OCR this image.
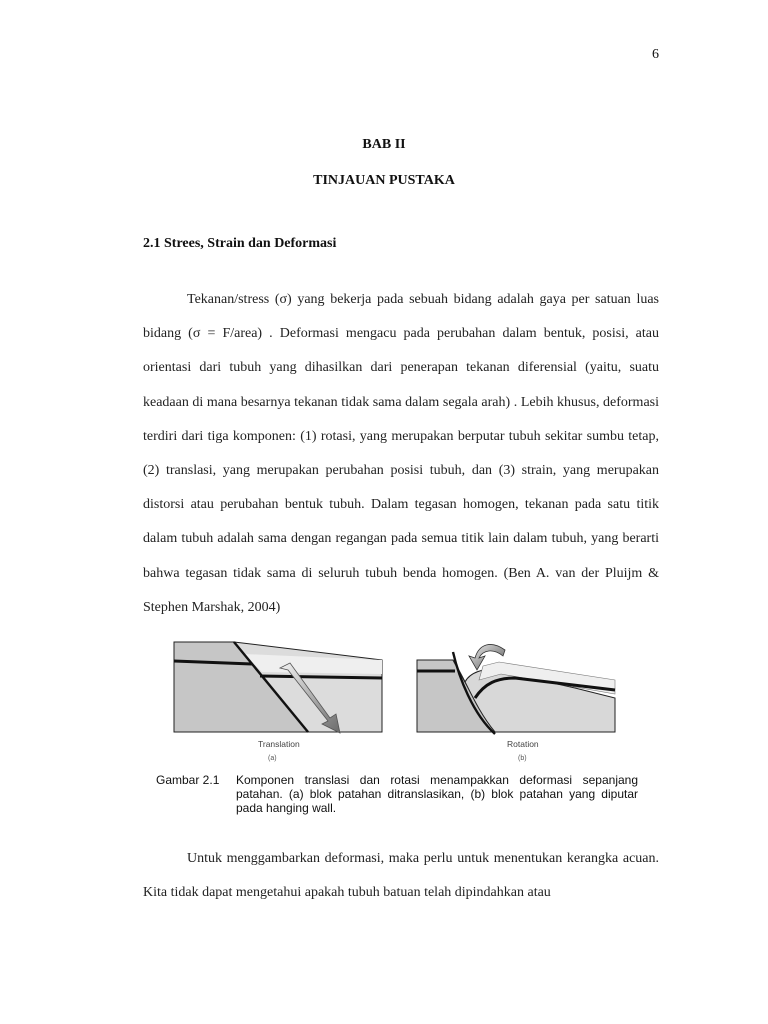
6
BAB II
TINJAUAN PUSTAKA
2.1 Strees, Strain dan Deformasi

Tekanan/stress (σ) yang bekerja pada sebuah bidang adalah gaya per satuan luas bidang (σ = F/area) . Deformasi mengacu pada perubahan dalam bentuk, posisi, atau orientasi dari tubuh yang dihasilkan dari penerapan tekanan diferensial (yaitu, suatu keadaan di mana besarnya tekanan tidak sama dalam segala arah) . Lebih khusus, deformasi terdiri dari tiga komponen: (1) rotasi, yang merupakan berputar tubuh sekitar sumbu tetap, (2) translasi, yang merupakan perubahan posisi tubuh, dan (3) strain, yang merupakan distorsi atau perubahan bentuk tubuh. Dalam tegasan homogen, tekanan pada satu titik dalam tubuh adalah sama dengan regangan pada semua titik lain dalam tubuh, yang berarti bahwa tegasan tidak sama di seluruh tubuh benda homogen. (Ben A. van der Pluijm & Stephen Marshak, 2004)

Translation
(a)
Rotation
(b)
Gambar 2.1	Komponen translasi dan rotasi menampakkan deformasi sepanjang patahan. (a) blok patahan ditranslasikan, (b) blok patahan yang diputar pada hanging wall.

Untuk menggambarkan deformasi, maka perlu untuk menentukan kerangka acuan. Kita tidak dapat mengetahui apakah tubuh batuan telah dipindahkan atau
